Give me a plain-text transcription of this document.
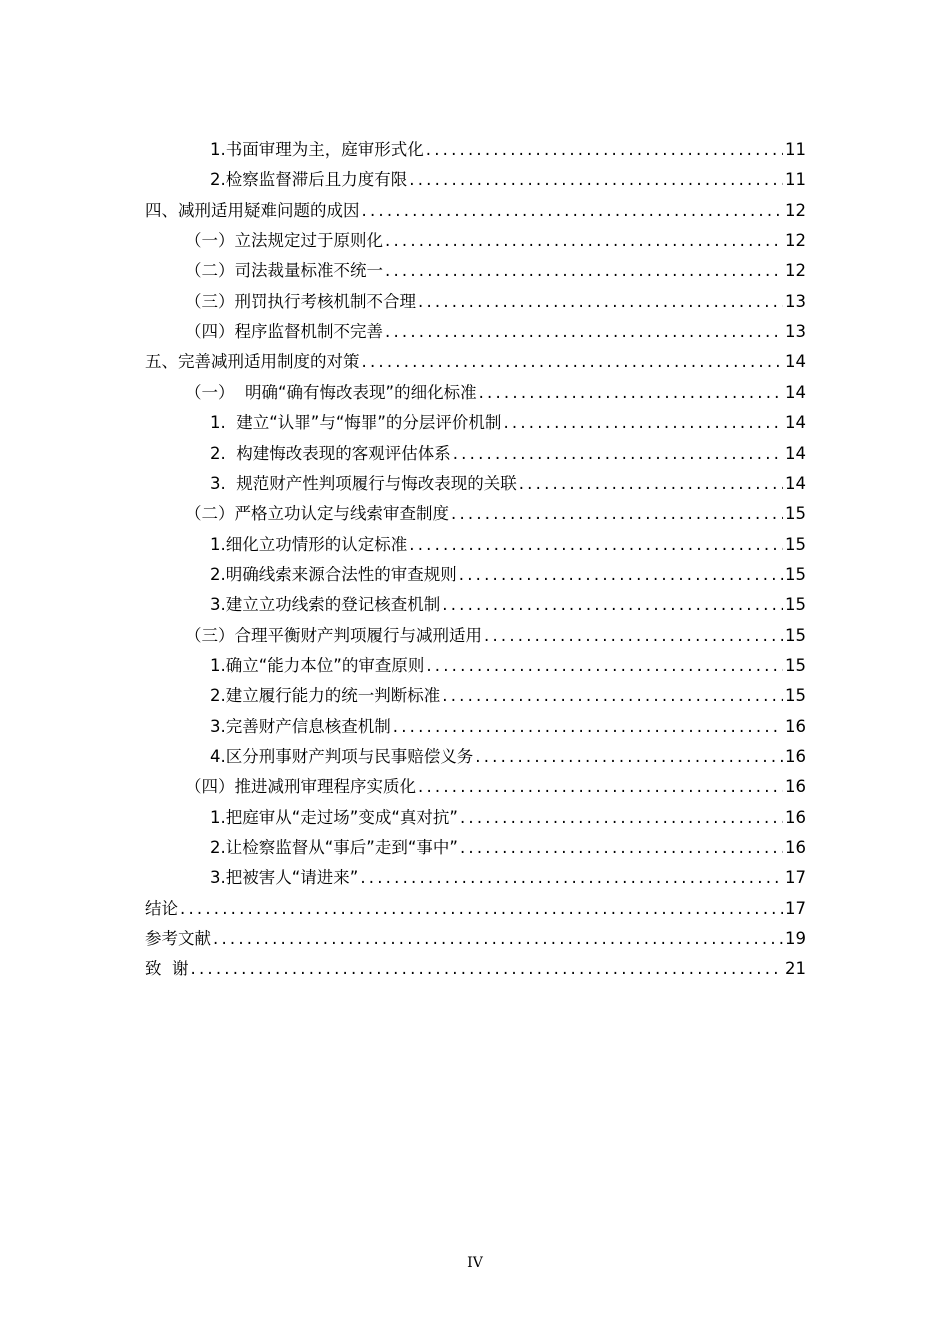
1.书面审理为主，庭审形式化 .....	11
2.检察监督滞后且力度有限 .....	11
四、减刑适用疑难问题的成因 .....	12
（一）立法规定过于原则化 .....	12
（二）司法裁量标准不统一 .....	12
（三）刑罚执行考核机制不合理 .....	13
（四）程序监督机制不完善 .....	13
五、完善减刑适用制度的对策 .....	14
（一）  明确“确有悔改表现”的细化标准 .....	14
1.  建立“认罪”与“悔罪”的分层评价机制 .....	14
2.  构建悔改表现的客观评估体系 .....	14
3.  规范财产性判项履行与悔改表现的关联 .....	14
（二）严格立功认定与线索审查制度 .....	15
1.细化立功情形的认定标准 .....	15
2.明确线索来源合法性的审查规则 .....	15
3.建立立功线索的登记核查机制 .....	15
（三）合理平衡财产判项履行与减刑适用 .....	15
1.确立“能力本位”的审查原则 .....	15
2.建立履行能力的统一判断标准 .....	15
3.完善财产信息核查机制 .....	16
4.区分刑事财产判项与民事赔偿义务 .....	16
（四）推进减刑审理程序实质化 .....	16
1.把庭审从“走过场”变成“真对抗” .....	16
2.让检察监督从“事后”走到“事中” .....	16
3.把被害人“请进来” .....	17
结论 .....	17
参考文献 .....	19
致  谢 .....	21
IV
